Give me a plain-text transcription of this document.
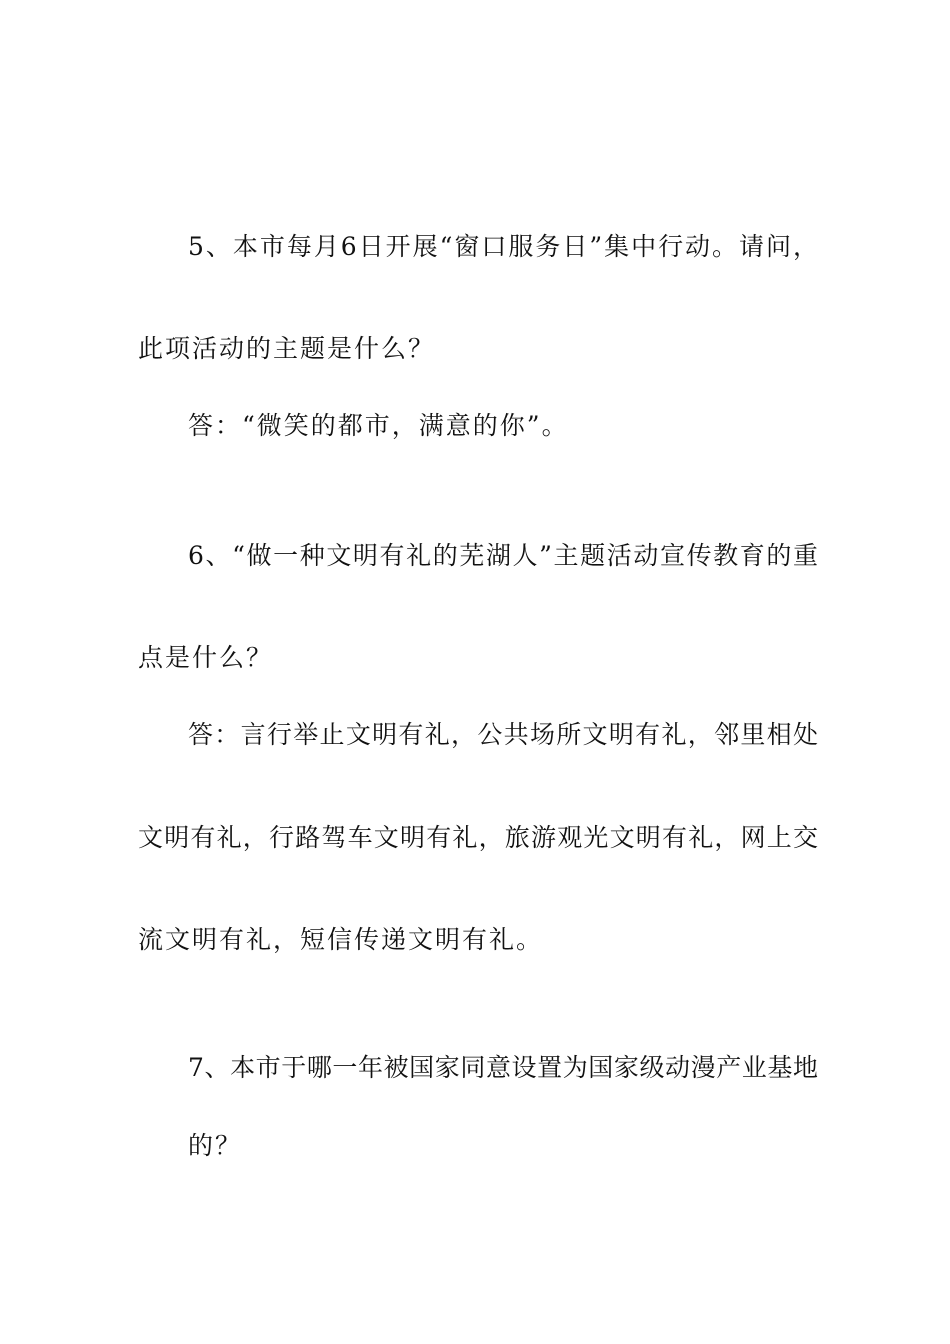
5、本市每月6日开展“窗口服务日”集中行动。请问，
此项活动的主题是什么？
答：“微笑的都市，满意的你”。
6、“做一种文明有礼的芜湖人”主题活动宣传教育的重
点是什么？
答：言行举止文明有礼，公共场所文明有礼，邻里相处
文明有礼，行路驾车文明有礼，旅游观光文明有礼，网上交
流文明有礼，短信传递文明有礼。
7、本市于哪一年被国家同意设置为国家级动漫产业基地
的？
